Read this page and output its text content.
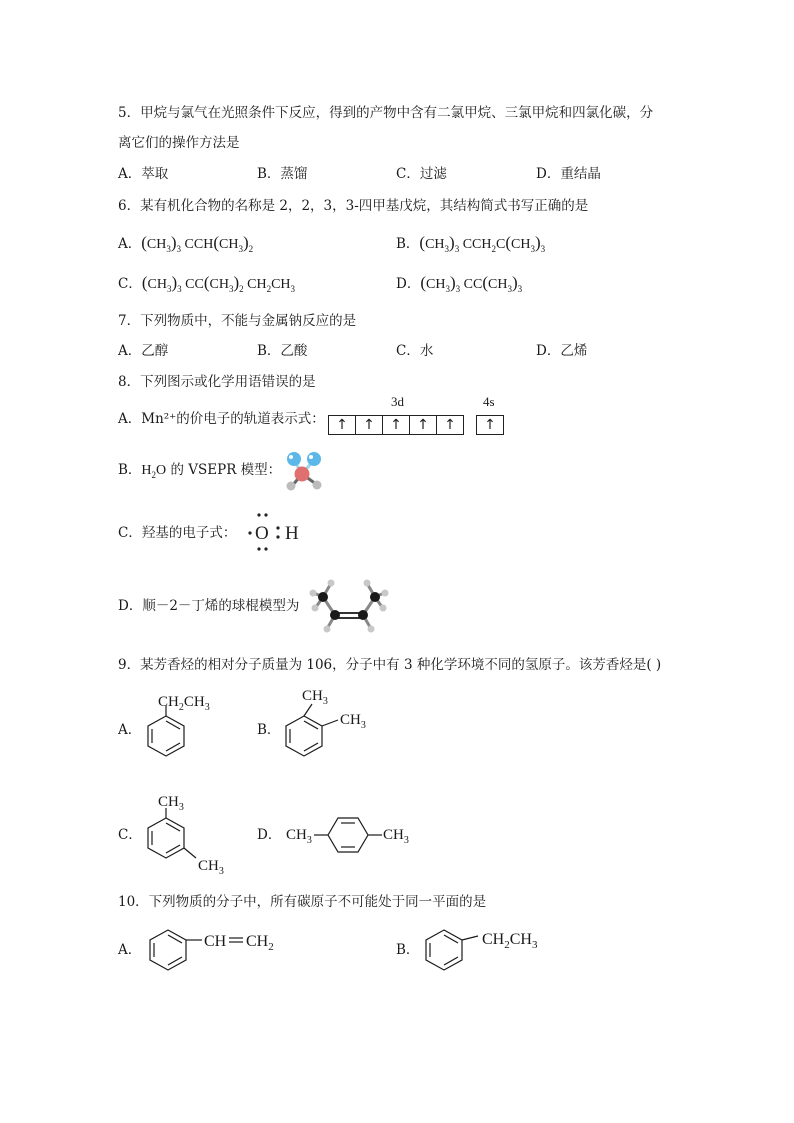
5．甲烷与氯气在光照条件下反应，得到的产物中含有二氯甲烷、三氯甲烷和四氯化碳，分
离它们的操作方法是
A．萃取	B．蒸馏	C．过滤	D．重结晶
6．某有机化合物的名称是 2，2，3，3-四甲基戊烷，其结构简式书写正确的是
A．$(CH_3)_3$ $CCH(CH_3)_2$	B．$(CH_3)_3$ $CCH_2C(CH_3)_3$
C．$(CH_3)_3$ $CC(CH_3)_2$ $CH_2CH_3$	D．$(CH_3)_3$ $CC(CH_3)_3$
7．下列物质中，不能与金属钠反应的是
A．乙醇	B．乙酸	C．水	D．乙烯
8．下列图示或化学用语错误的是
A．Mn²⁺的价电子的轨道表示式：
3d	4s
↑	↑	↑	↑	↑	↑
B．$H_2O$ 的 VSEPR 模型：
C．羟基的电子式： O H
D．顺－2－丁烯的球棍模型为
9．某芳香烃的相对分子质量为 106，分子中有 3 种化学环境不同的氢原子。该芳香烃是( )
A．
$CH_2CH_3$
B．
$CH_3$
$CH_3$
C．
$CH_3$
$CH_3$
D． $CH_3$	$CH_3$
10．下列物质的分子中，所有碳原子不可能处于同一平面的是
A．	CH $CH_2$	B．
$CH_2CH_3$
